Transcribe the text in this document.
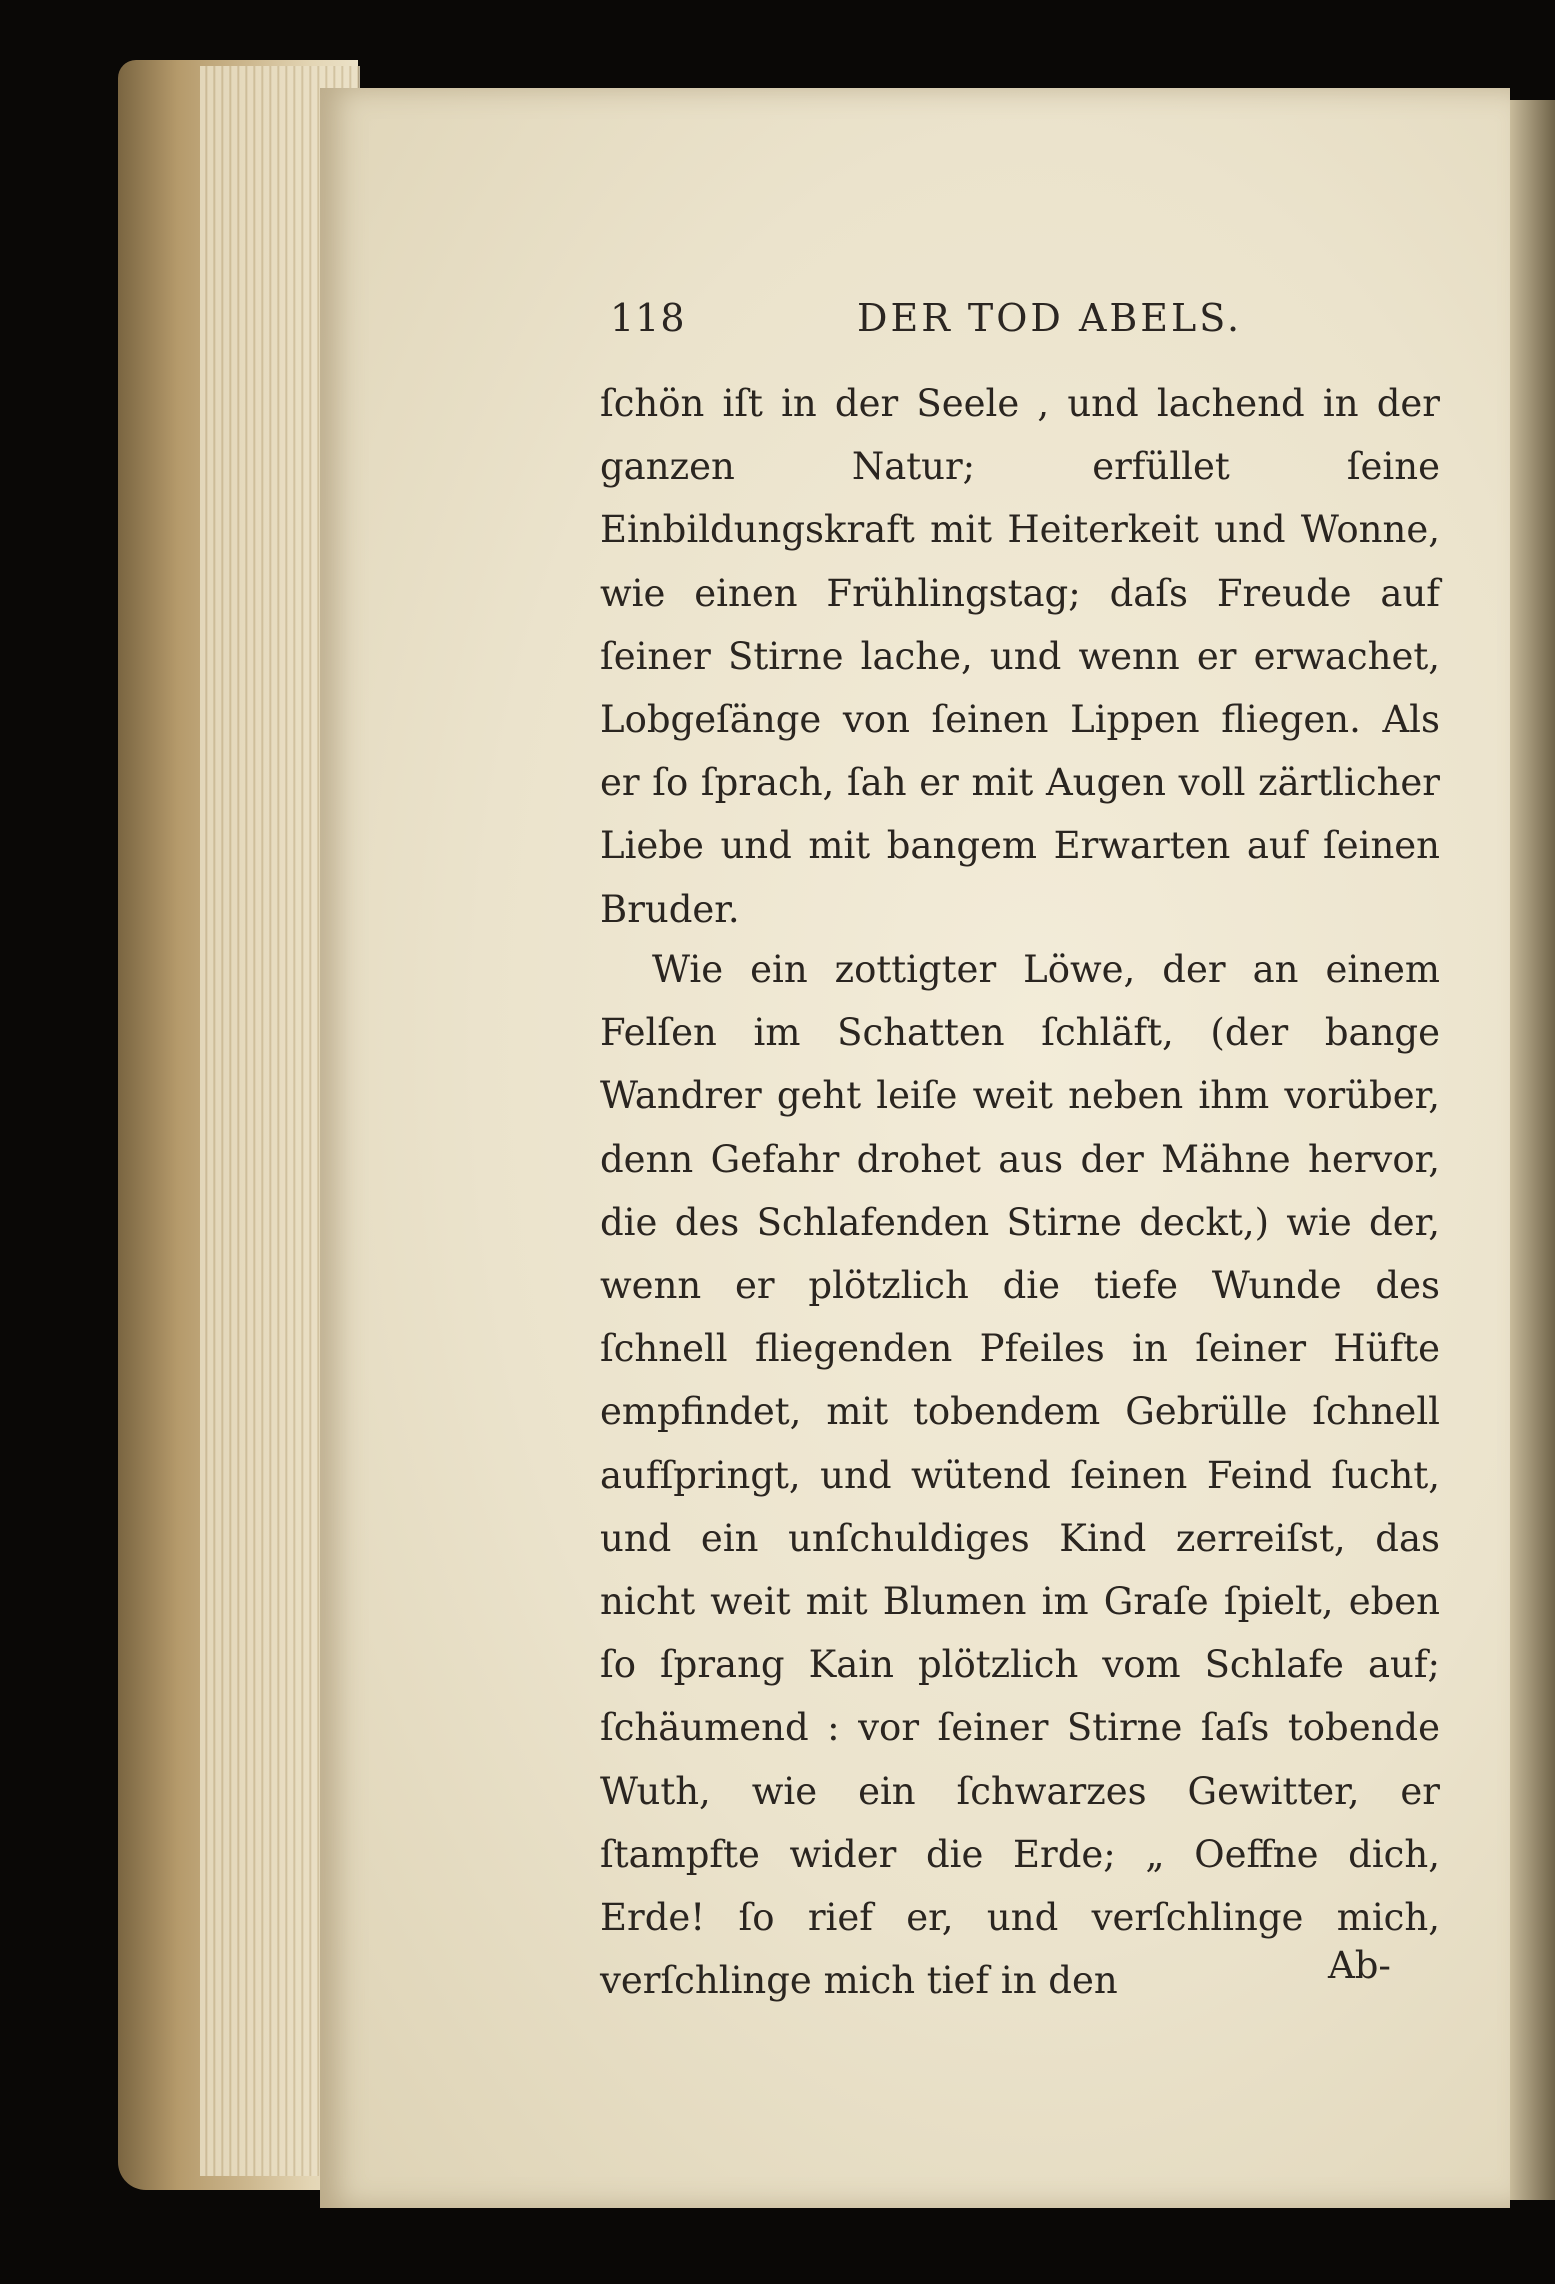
118	DER TOD ABELS.
ſchön iſt in der Seele , und lachend in der ganzen Natur; erfüllet ſeine Einbildungskraft mit Heiterkeit und Wonne, wie einen Frühlingstag; daſs Freude auf ſeiner Stirne lache, und wenn er erwachet, Lobgeſänge von ſeinen Lippen fliegen. Als er ſo ſprach, ſah er mit Augen voll zärtlicher Liebe und mit bangem Erwarten auf ſeinen Bruder.
Wie ein zottigter Löwe, der an einem Felſen im Schatten ſchläft, (der bange Wandrer geht leiſe weit neben ihm vorüber, denn Gefahr drohet aus der Mähne hervor, die des Schlafenden Stirne deckt,) wie der, wenn er plötzlich die tiefe Wunde des ſchnell fliegenden Pfeiles in ſeiner Hüfte empfindet, mit tobendem Gebrülle ſchnell aufſpringt, und wütend ſeinen Feind ſucht, und ein unſchuldiges Kind zerreiſst, das nicht weit mit Blumen im Graſe ſpielt, eben ſo ſprang Kain plötzlich vom Schlafe auf; ſchäumend : vor ſeiner Stirne ſaſs tobende Wuth, wie ein ſchwarzes Gewitter, er ſtampfte wider die Erde; „ Oeffne dich, Erde! ſo rief er, und verſchlinge mich, verſchlinge mich tief in den	Ab-
